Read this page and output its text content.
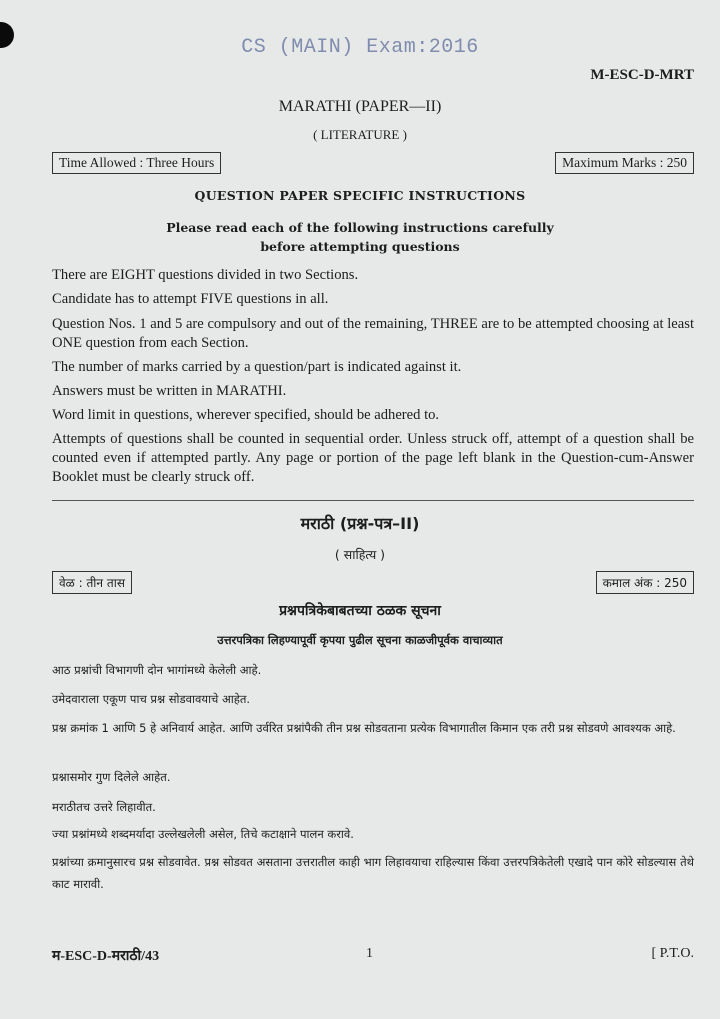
CS (MAIN) Exam:2016
M-ESC-D-MRT
MARATHI (PAPER—II)
( LITERATURE )
Time Allowed : Three Hours	Maximum Marks : 250
QUESTION PAPER SPECIFIC INSTRUCTIONS
Please read each of the following instructions carefully
before attempting questions
There are EIGHT questions divided in two Sections.
Candidate has to attempt FIVE questions in all.
Question Nos. 1 and 5 are compulsory and out of the remaining, THREE are to be attempted choosing at least ONE question from each Section.
The number of marks carried by a question/part is indicated against it.
Answers must be written in MARATHI.
Word limit in questions, wherever specified, should be adhered to.
Attempts of questions shall be counted in sequential order. Unless struck off, attempt of a question shall be counted even if attempted partly. Any page or portion of the page left blank in the Question-cum-Answer Booklet must be clearly struck off.
मराठी (प्रश्न-पत्र–II)
( साहित्य )
वेळ : तीन तास	कमाल अंक : 250
प्रश्नपत्रिकेबाबतच्या ठळक सूचना
उत्तरपत्रिका लिहण्यापूर्वी कृपया पुढील सूचना काळजीपूर्वक वाचाव्यात
आठ प्रश्नांची विभागणी दोन भागांमध्ये केलेली आहे.
उमेदवाराला एकूण पाच प्रश्न सोडवावयाचे आहेत.
प्रश्न क्रमांक 1 आणि 5 हे अनिवार्य आहेत. आणि उर्वरित प्रश्नांपैकी तीन प्रश्न सोडवताना प्रत्येक विभागातील किमान एक तरी प्रश्न सोडवणे आवश्यक आहे.
प्रश्नासमोर गुण दिलेले आहेत.
मराठीतच उत्तरे लिहावीत.
ज्या प्रश्नांमध्ये शब्दमर्यादा उल्लेखलेली असेल, तिचे कटाक्षाने पालन करावे.
प्रश्नांच्या क्रमानुसारच प्रश्न सोडवावेत. प्रश्न सोडवत असताना उत्तरातील काही भाग लिहावयाचा राहिल्यास किंवा उत्तरपत्रिकेतेली एखादे पान कोरे सोडल्यास तेथे काट मारावी.
म-ESC-D-मराठी/43	1	[ P.T.O.
